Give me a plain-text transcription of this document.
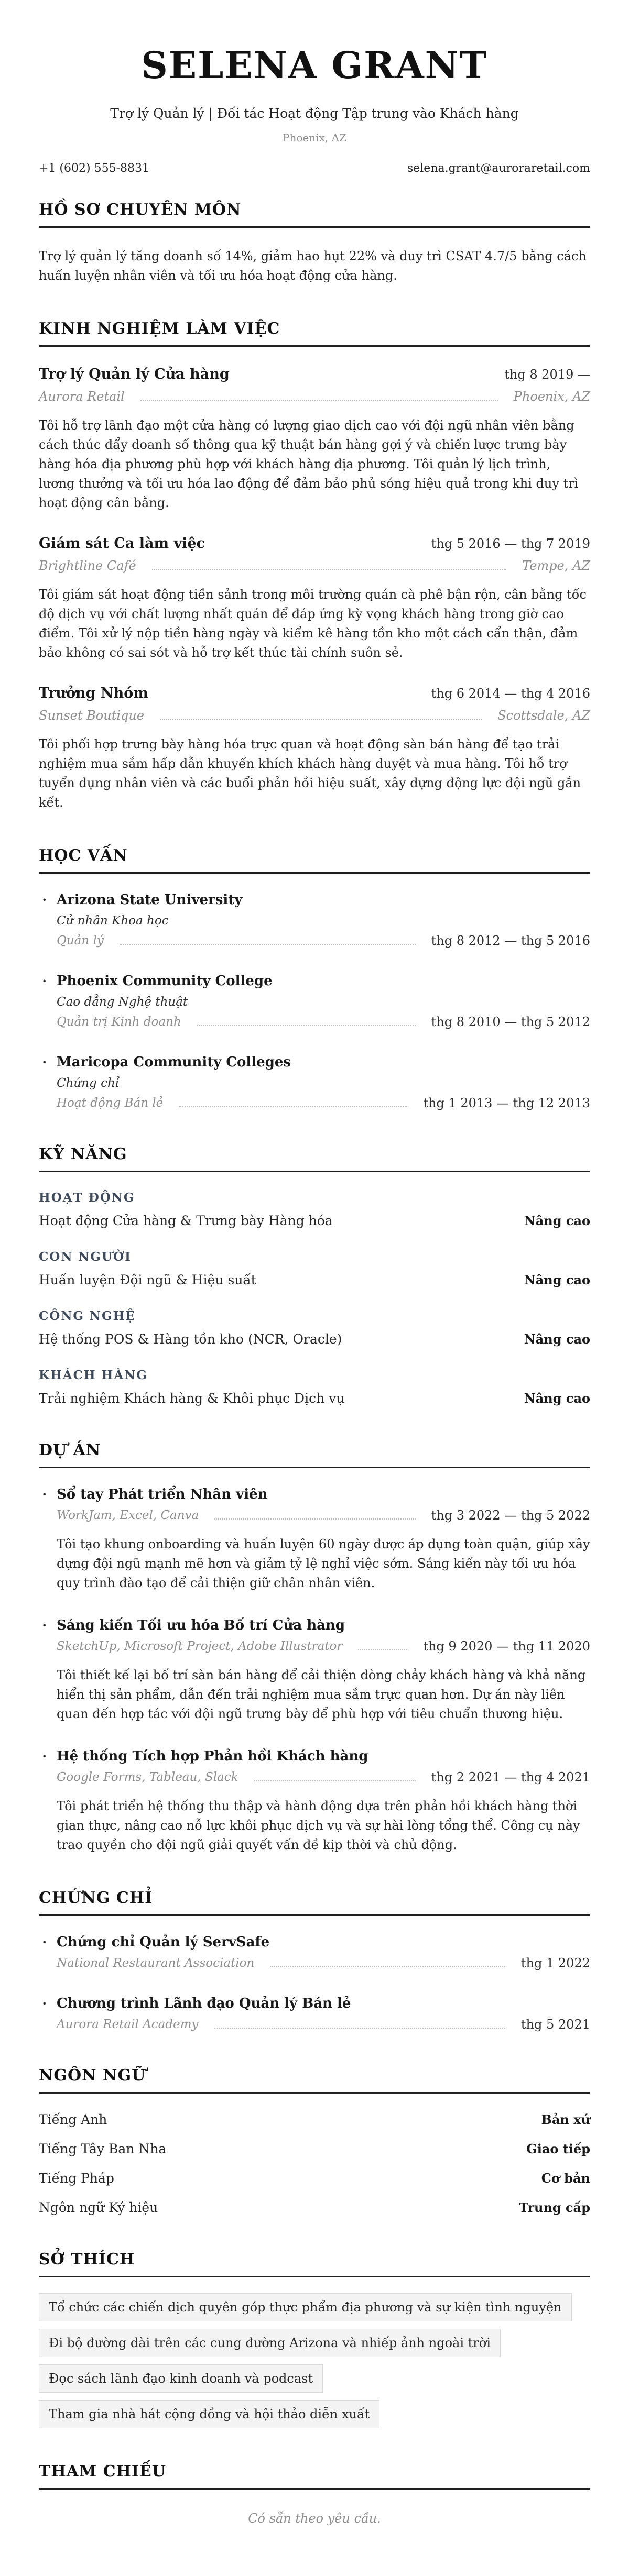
SELENA GRANT
Trợ lý Quản lý | Đối tác Hoạt động Tập trung vào Khách hàng
Phoenix, AZ
+1 (602) 555-8831	selena.grant@auroraretail.com
HỒ SƠ CHUYÊN MÔN

Trợ lý quản lý tăng doanh số 14%, giảm hao hụt 22% và duy trì CSAT 4.7/5 bằng cách huấn luyện nhân viên và tối ưu hóa hoạt động cửa hàng.

KINH NGHIỆM LÀM VIỆC
Trợ lý Quản lý Cửa hàng	thg 8 2019 —
Aurora Retail	Phoenix, AZ

Tôi hỗ trợ lãnh đạo một cửa hàng có lượng giao dịch cao với đội ngũ nhân viên bằng cách thúc đẩy doanh số thông qua kỹ thuật bán hàng gợi ý và chiến lược trưng bày hàng hóa địa phương phù hợp với khách hàng địa phương. Tôi quản lý lịch trình, lương thưởng và tối ưu hóa lao động để đảm bảo phủ sóng hiệu quả trong khi duy trì hoạt động cân bằng.

Giám sát Ca làm việc	thg 5 2016 — thg 7 2019
Brightline Café	Tempe, AZ

Tôi giám sát hoạt động tiền sảnh trong môi trường quán cà phê bận rộn, cân bằng tốc độ dịch vụ với chất lượng nhất quán để đáp ứng kỳ vọng khách hàng trong giờ cao điểm. Tôi xử lý nộp tiền hàng ngày và kiểm kê hàng tồn kho một cách cẩn thận, đảm bảo không có sai sót và hỗ trợ kết thúc tài chính suôn sẻ.

Trưởng Nhóm	thg 6 2014 — thg 4 2016
Sunset Boutique	Scottsdale, AZ

Tôi phối hợp trưng bày hàng hóa trực quan và hoạt động sàn bán hàng để tạo trải nghiệm mua sắm hấp dẫn khuyến khích khách hàng duyệt và mua hàng. Tôi hỗ trợ tuyển dụng nhân viên và các buổi phản hồi hiệu suất, xây dựng động lực đội ngũ gắn kết.

HỌC VẤN
• Arizona State University
Cử nhân Khoa học
Quản lý	thg 8 2012 — thg 5 2016
• Phoenix Community College
Cao đẳng Nghệ thuật
Quản trị Kinh doanh	thg 8 2010 — thg 5 2012
• Maricopa Community Colleges
Chứng chỉ
Hoạt động Bán lẻ	thg 1 2013 — thg 12 2013
KỸ NĂNG
HOẠT ĐỘNG
Hoạt động Cửa hàng & Trưng bày Hàng hóa	Nâng cao
CON NGƯỜI
Huấn luyện Đội ngũ & Hiệu suất	Nâng cao
CÔNG NGHỆ
Hệ thống POS & Hàng tồn kho (NCR, Oracle)	Nâng cao
KHÁCH HÀNG
Trải nghiệm Khách hàng & Khôi phục Dịch vụ	Nâng cao
DỰ ÁN
• Sổ tay Phát triển Nhân viên
WorkJam, Excel, Canva	thg 3 2022 — thg 5 2022

Tôi tạo khung onboarding và huấn luyện 60 ngày được áp dụng toàn quận, giúp xây dựng đội ngũ mạnh mẽ hơn và giảm tỷ lệ nghỉ việc sớm. Sáng kiến này tối ưu hóa quy trình đào tạo để cải thiện giữ chân nhân viên.

• Sáng kiến Tối ưu hóa Bố trí Cửa hàng
SketchUp, Microsoft Project, Adobe Illustrator	thg 9 2020 — thg 11 2020

Tôi thiết kế lại bố trí sàn bán hàng để cải thiện dòng chảy khách hàng và khả năng hiển thị sản phẩm, dẫn đến trải nghiệm mua sắm trực quan hơn. Dự án này liên quan đến hợp tác với đội ngũ trưng bày để phù hợp với tiêu chuẩn thương hiệu.

• Hệ thống Tích hợp Phản hồi Khách hàng
Google Forms, Tableau, Slack	thg 2 2021 — thg 4 2021

Tôi phát triển hệ thống thu thập và hành động dựa trên phản hồi khách hàng thời gian thực, nâng cao nỗ lực khôi phục dịch vụ và sự hài lòng tổng thể. Công cụ này trao quyền cho đội ngũ giải quyết vấn đề kịp thời và chủ động.

CHỨNG CHỈ
• Chứng chỉ Quản lý ServSafe
National Restaurant Association	thg 1 2022
• Chương trình Lãnh đạo Quản lý Bán lẻ
Aurora Retail Academy	thg 5 2021
NGÔN NGỮ
Tiếng Anh	Bản xứ
Tiếng Tây Ban Nha	Giao tiếp
Tiếng Pháp	Cơ bản
Ngôn ngữ Ký hiệu	Trung cấp
SỞ THÍCH
Tổ chức các chiến dịch quyên góp thực phẩm địa phương và sự kiện tình nguyện
Đi bộ đường dài trên các cung đường Arizona và nhiếp ảnh ngoài trời
Đọc sách lãnh đạo kinh doanh và podcast
Tham gia nhà hát cộng đồng và hội thảo diễn xuất
THAM CHIẾU
Có sẵn theo yêu cầu.
